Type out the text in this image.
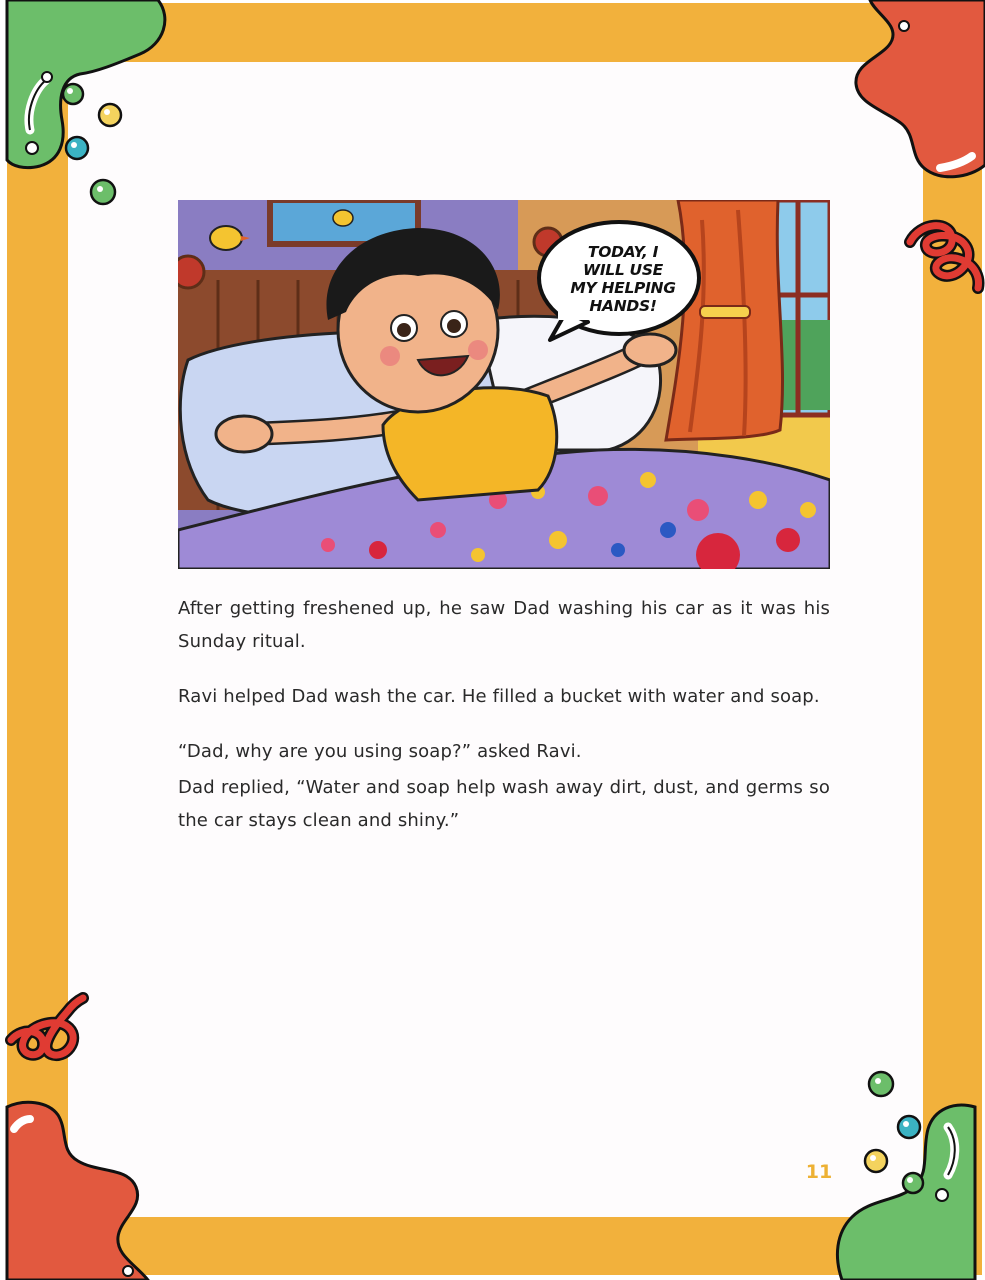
TODAY, I
WILL USE
MY HELPING
HANDS!

After getting freshened up, he saw Dad washing his car as it was his Sunday ritual.

Ravi helped Dad wash the car. He filled a bucket with water and soap.

“Dad, why are you using soap?” asked Ravi.

Dad replied, “Water and soap help wash away dirt, dust, and germs so the car stays clean and shiny.”

11
